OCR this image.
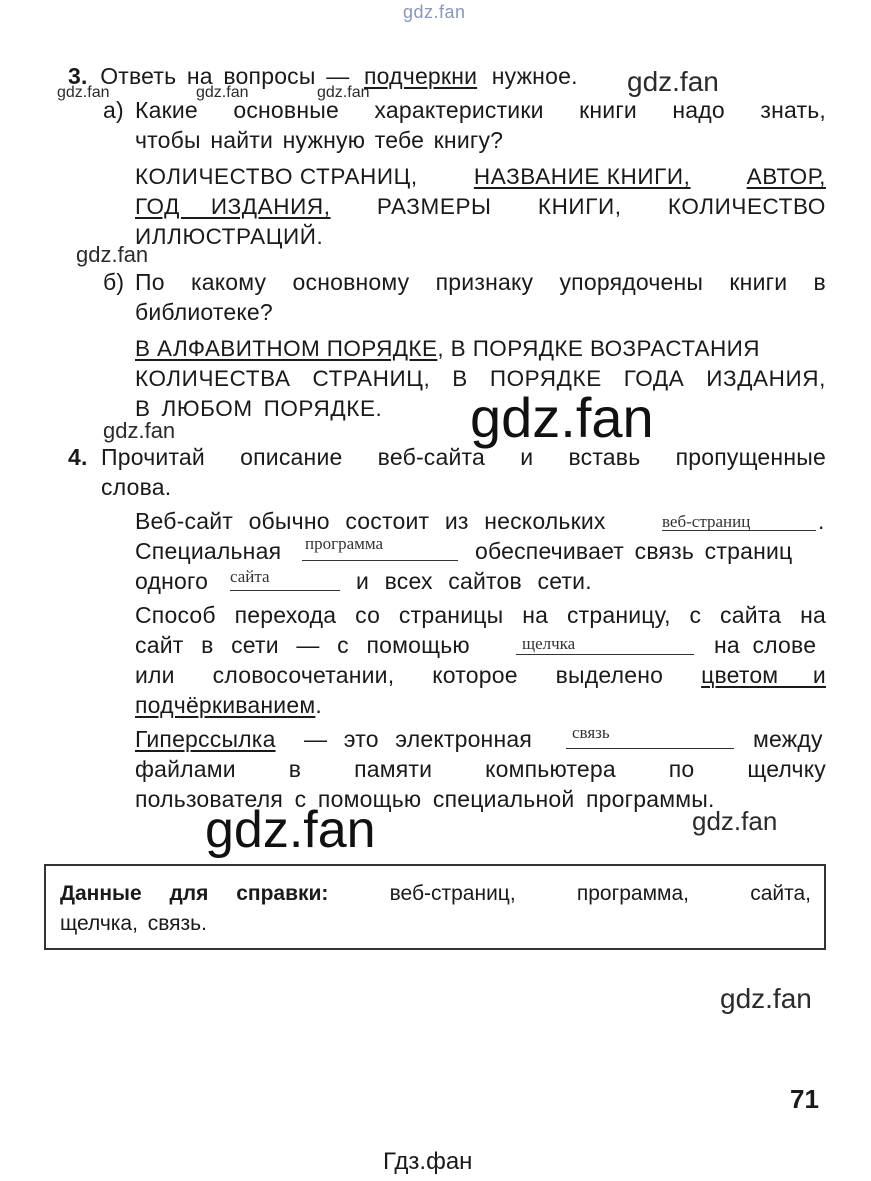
gdz.fan
gdz.fan	gdz.fan	gdz.fan	gdz.fan
gdz.fan
gdz.fan
gdz.fan
gdz.fan	gdz.fan
gdz.fan
3. Ответь на вопросы — подчеркни нужное.
а) Какие основные характеристики книги надо знать,
чтобы найти нужную тебе книгу?
КОЛИЧЕСТВО СТРАНИЦ, НАЗВАНИЕ КНИГИ, АВТОР,
ГОД ИЗДАНИЯ, РАЗМЕРЫ КНИГИ, КОЛИЧЕСТВО
ИЛЛЮСТРАЦИЙ.
б) По какому основному признаку упорядочены книги в
библиотеке?
В АЛФАВИТНОМ ПОРЯДКЕ, В ПОРЯДКЕ ВОЗРАСТАНИЯ
КОЛИЧЕСТВА СТРАНИЦ, В ПОРЯДКЕ ГОДА ИЗДАНИЯ,
В ЛЮБОМ ПОРЯДКЕ.
4. Прочитай описание веб-сайта и вставь пропущенные
слова.
Веб-сайт обычно состоит из нескольких	веб-страниц	.
Специальная программа	обеспечивает связь страниц
одного сайта	и всех сайтов сети.
Способ перехода со страницы на страницу, с сайта на
сайт в сети — с помощью	щелчка	на слове
или словосочетании, которое выделено цветом и
подчёркиванием.
Гиперссылка — это электронная связь	между
файлами в памяти компьютера по щелчку
пользователя с помощью специальной программы.
Данные для справки:	веб-страниц,	программа,	сайта,
щелчка, связь.
71
Гдз.фан
